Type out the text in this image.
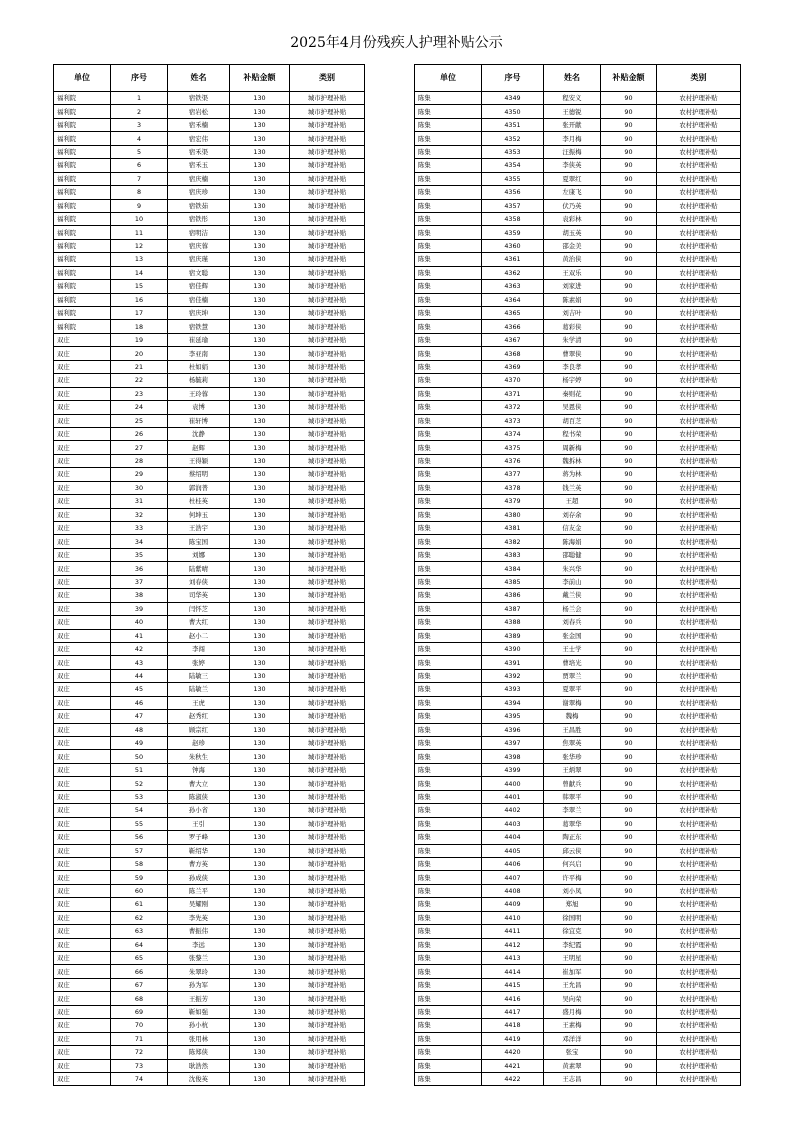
2025年4月份残疾人护理补贴公示
单位	序号	姓名	补贴金额	类别
福利院	1	宿铁渠	130	城市护理补贴
福利院	2	宿岩松	130	城市护理补贴
福利院	3	宿禾楠	130	城市护理补贴
福利院	4	宿宏伟	130	城市护理补贴
福利院	5	宿禾渠	130	城市护理补贴
福利院	6	宿禾玉	130	城市护理补贴
福利院	7	宿庆楠	130	城市护理补贴
福利院	8	宿庆珍	130	城市护理补贴
福利院	9	宿铁茹	130	城市护理补贴
福利院	10	宿铁彤	130	城市护理补贴
福利院	11	宿明洁	130	城市护理补贴
福利院	12	宿庆蓉	130	城市护理补贴
福利院	13	宿庆瑾	130	城市护理补贴
福利院	14	宿文聪	130	城市护理补贴
福利院	15	宿佳辉	130	城市护理补贴
福利院	16	宿佳楠	130	城市护理补贴
福利院	17	宿庆坤	130	城市护理补贴
福利院	18	宿铁慧	130	城市护理补贴
双庄	19	崔延瑜	130	城市护理补贴
双庄	20	李亚南	130	城市护理补贴
双庄	21	杜如娟	130	城市护理补贴
双庄	22	杨毓莉	130	城市护理补贴
双庄	23	王玲蓉	130	城市护理补贴
双庄	24	袁博	130	城市护理补贴
双庄	25	崔轩博	130	城市护理补贴
双庄	26	沈静	130	城市护理补贴
双庄	27	赵辉	130	城市护理补贴
双庄	28	王得颖	130	城市护理补贴
双庄	29	蔡绍明	130	城市护理补贴
双庄	30	郭润普	130	城市护理补贴
双庄	31	杜桂英	130	城市护理补贴
双庄	32	何坤玉	130	城市护理补贴
双庄	33	王浩宇	130	城市护理补贴
双庄	34	陈宝国	130	城市护理补贴
双庄	35	刘娜	130	城市护理补贴
双庄	36	陆紫晴	130	城市护理补贴
双庄	37	刘春侠	130	城市护理补贴
双庄	38	司华英	130	城市护理补贴
双庄	39	闫怀芝	130	城市护理补贴
双庄	40	曹大红	130	城市护理补贴
双庄	41	赵小二	130	城市护理补贴
双庄	42	李闯	130	城市护理补贴
双庄	43	张婷	130	城市护理补贴
双庄	44	陆敏三	130	城市护理补贴
双庄	45	陆敏兰	130	城市护理补贴
双庄	46	王虎	130	城市护理补贴
双庄	47	赵秀红	130	城市护理补贴
双庄	48	顾宗红	130	城市护理补贴
双庄	49	赵珍	130	城市护理补贴
双庄	50	朱秋生	130	城市护理补贴
双庄	51	钟海	130	城市护理补贴
双庄	52	曹大立	130	城市护理补贴
双庄	53	陈淑侠	130	城市护理补贴
双庄	54	孙小省	130	城市护理补贴
双庄	55	王引	130	城市护理补贴
双庄	56	罗子峰	130	城市护理补贴
双庄	57	靳绍华	130	城市护理补贴
双庄	58	曹方英	130	城市护理补贴
双庄	59	孙成侠	130	城市护理补贴
双庄	60	陈兰平	130	城市护理补贴
双庄	61	吴耀刚	130	城市护理补贴
双庄	62	李先英	130	城市护理补贴
双庄	63	曹振伟	130	城市护理补贴
双庄	64	李远	130	城市护理补贴
双庄	65	张黎兰	130	城市护理补贴
双庄	66	朱翠玲	130	城市护理补贴
双庄	67	孙为军	130	城市护理补贴
双庄	68	王振芳	130	城市护理补贴
双庄	69	靳如强	130	城市护理补贴
双庄	70	孙小杭	130	城市护理补贴
双庄	71	张用林	130	城市护理补贴
双庄	72	陈郑侠	130	城市护理补贴
双庄	73	耿浩然	130	城市护理补贴
双庄	74	沈俊英	130	城市护理补贴
单位	序号	姓名	补贴金额	类别
陈集	4349	程安义	90	农村护理补贴
陈集	4350	王德锐	90	农村护理补贴
陈集	4351	张开献	90	农村护理补贴
陈集	4352	李月梅	90	农村护理补贴
陈集	4353	汪振梅	90	农村护理补贴
陈集	4354	李侠英	90	农村护理补贴
陈集	4355	夏翠红	90	农村护理补贴
陈集	4356	左康飞	90	农村护理补贴
陈集	4357	伏乃英	90	农村护理补贴
陈集	4358	袁彩林	90	农村护理补贴
陈集	4359	胡玉英	90	农村护理补贴
陈集	4360	邵金美	90	农村护理补贴
陈集	4361	黄治侠	90	农村护理补贴
陈集	4362	王双乐	90	农村护理补贴
陈集	4363	刘家进	90	农村护理补贴
陈集	4364	陈素娟	90	农村护理补贴
陈集	4365	刘吉叶	90	农村护理补贴
陈集	4366	葛彩侠	90	农村护理补贴
陈集	4367	朱学清	90	农村护理补贴
陈集	4368	曹翠侠	90	农村护理补贴
陈集	4369	李良孝	90	农村护理补贴
陈集	4370	杨宇婷	90	农村护理补贴
陈集	4371	秦则花	90	农村护理补贴
陈集	4372	吴恩侠	90	农村护理补贴
陈集	4373	胡百芝	90	农村护理补贴
陈集	4374	程书荣	90	农村护理补贴
陈集	4375	周新梅	90	农村护理补贴
陈集	4376	魏拆林	90	农村护理补贴
陈集	4377	蒋为林	90	农村护理补贴
陈集	4378	钱兰英	90	农村护理补贴
陈集	4379	王超	90	农村护理补贴
陈集	4380	刘存余	90	农村护理补贴
陈集	4381	信友金	90	农村护理补贴
陈集	4382	陈海娟	90	农村护理补贴
陈集	4383	邵聪健	90	农村护理补贴
陈集	4384	朱兴华	90	农村护理补贴
陈集	4385	李前山	90	农村护理补贴
陈集	4386	戴兰侠	90	农村护理补贴
陈集	4387	杨兰会	90	农村护理补贴
陈集	4388	刘春兵	90	农村护理补贴
陈集	4389	张金国	90	农村护理补贴
陈集	4390	王士学	90	农村护理补贴
陈集	4391	曹培光	90	农村护理补贴
陈集	4392	贾翠兰	90	农村护理补贴
陈集	4393	夏翠平	90	农村护理补贴
陈集	4394	谢翠梅	90	农村护理补贴
陈集	4395	魏梅	90	农村护理补贴
陈集	4396	王昌胜	90	农村护理补贴
陈集	4397	焦翠英	90	农村护理补贴
陈集	4398	张华珍	90	农村护理补贴
陈集	4399	王炳翠	90	农村护理补贴
陈集	4400	曾献兵	90	农村护理补贴
陈集	4401	韩翠平	90	农村护理补贴
陈集	4402	李翠兰	90	农村护理补贴
陈集	4403	葛翠华	90	农村护理补贴
陈集	4404	陶正东	90	农村护理补贴
陈集	4405	邱云侠	90	农村护理补贴
陈集	4406	何兴启	90	农村护理补贴
陈集	4407	许平梅	90	农村护理补贴
陈集	4408	刘小凤	90	农村护理补贴
陈集	4409	郑旭	90	农村护理补贴
陈集	4410	徐国明	90	农村护理补贴
陈集	4411	徐宜克	90	农村护理补贴
陈集	4412	李纪霞	90	农村护理补贴
陈集	4413	王明星	90	农村护理补贴
陈集	4414	崔加军	90	农村护理补贴
陈集	4415	王允昌	90	农村护理补贴
陈集	4416	吴向荣	90	农村护理补贴
陈集	4417	盛月梅	90	农村护理补贴
陈集	4418	王素梅	90	农村护理补贴
陈集	4419	邓洋洋	90	农村护理补贴
陈集	4420	张宝	90	农村护理补贴
陈集	4421	黄素翠	90	农村护理补贴
陈集	4422	王志昌	90	农村护理补贴
